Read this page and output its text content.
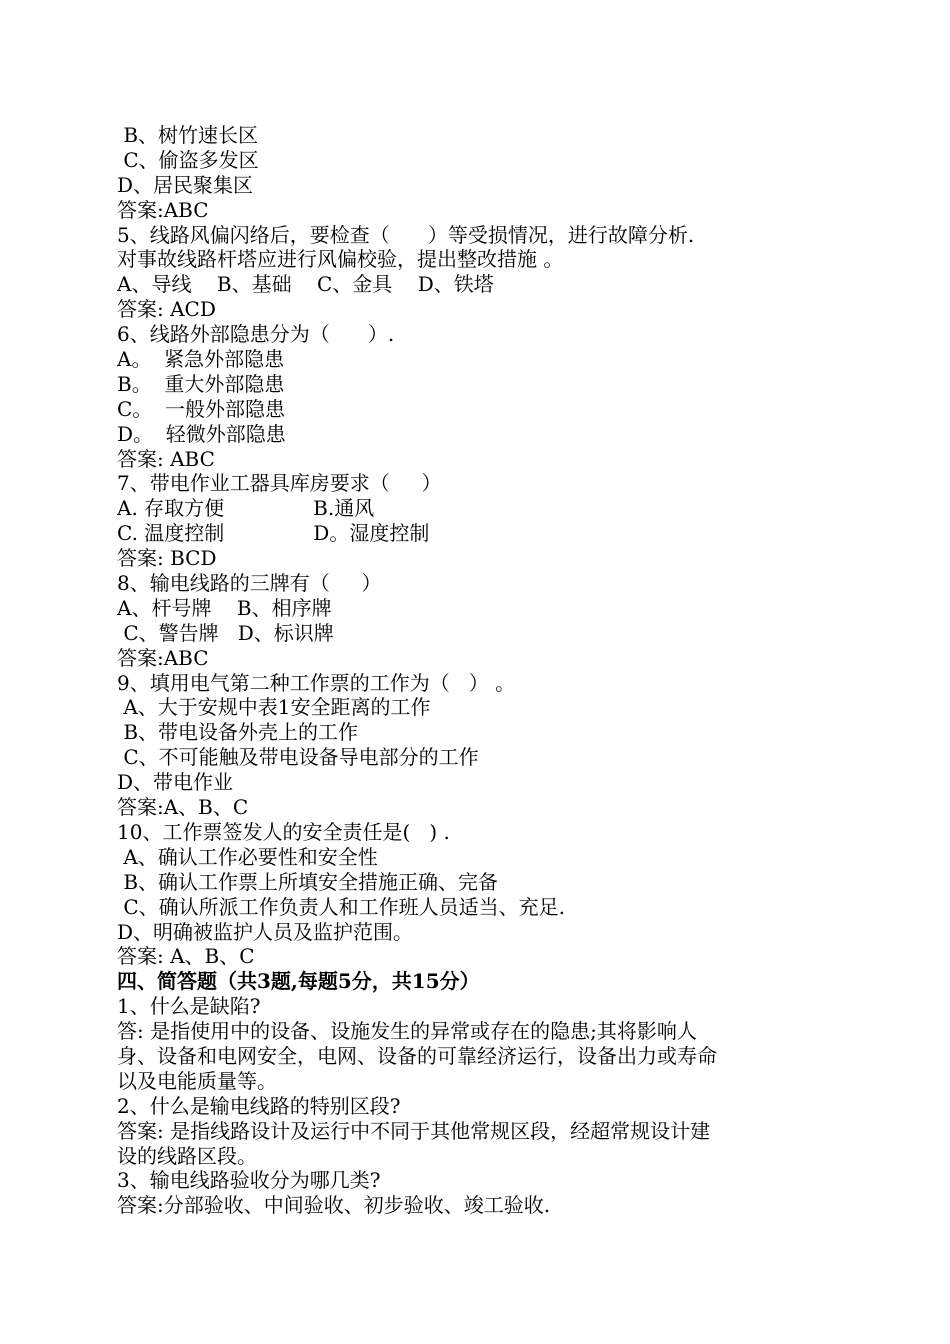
B、树竹速长区
C、偷盗多发区
D、居民聚集区
答案:ABC
5、线路风偏闪络后，要检查（      ）等受损情况，进行故障分析.
对事故线路杆塔应进行风偏校验，提出整改措施 。
A、导线    B、基础    C、金具    D、铁塔
答案: ACD
6、线路外部隐患分为（      ）.
A。  紧急外部隐患
B。  重大外部隐患
C。  一般外部隐患
D。  轻微外部隐患
答案: ABC
7、带电作业工器具库房要求（     ）
A. 存取方便              B.通风
C. 温度控制              D。湿度控制
答案: BCD
8、输电线路的三牌有（     ）
A、杆号牌    B、相序牌
C、警告牌   D、标识牌
答案:ABC
9、填用电气第二种工作票的工作为（   ） 。
A、大于安规中表1安全距离的工作
B、带电设备外壳上的工作
C、不可能触及带电设备导电部分的工作
D、带电作业
答案:A、B、C
10、工作票签发人的安全责任是(   ) .
A、确认工作必要性和安全性
B、确认工作票上所填安全措施正确、完备
C、确认所派工作负责人和工作班人员适当、充足.
D、明确被监护人员及监护范围。
答案: A、B、C
四、简答题（共3题,每题5分，共15分）
1、什么是缺陷?
答: 是指使用中的设备、设施发生的异常或存在的隐患;其将影响人
身、设备和电网安全，电网、设备的可靠经济运行，设备出力或寿命
以及电能质量等。
2、什么是输电线路的特别区段?
答案: 是指线路设计及运行中不同于其他常规区段，经超常规设计建
设的线路区段。
3、输电线路验收分为哪几类?
答案:分部验收、中间验收、初步验收、竣工验收.
